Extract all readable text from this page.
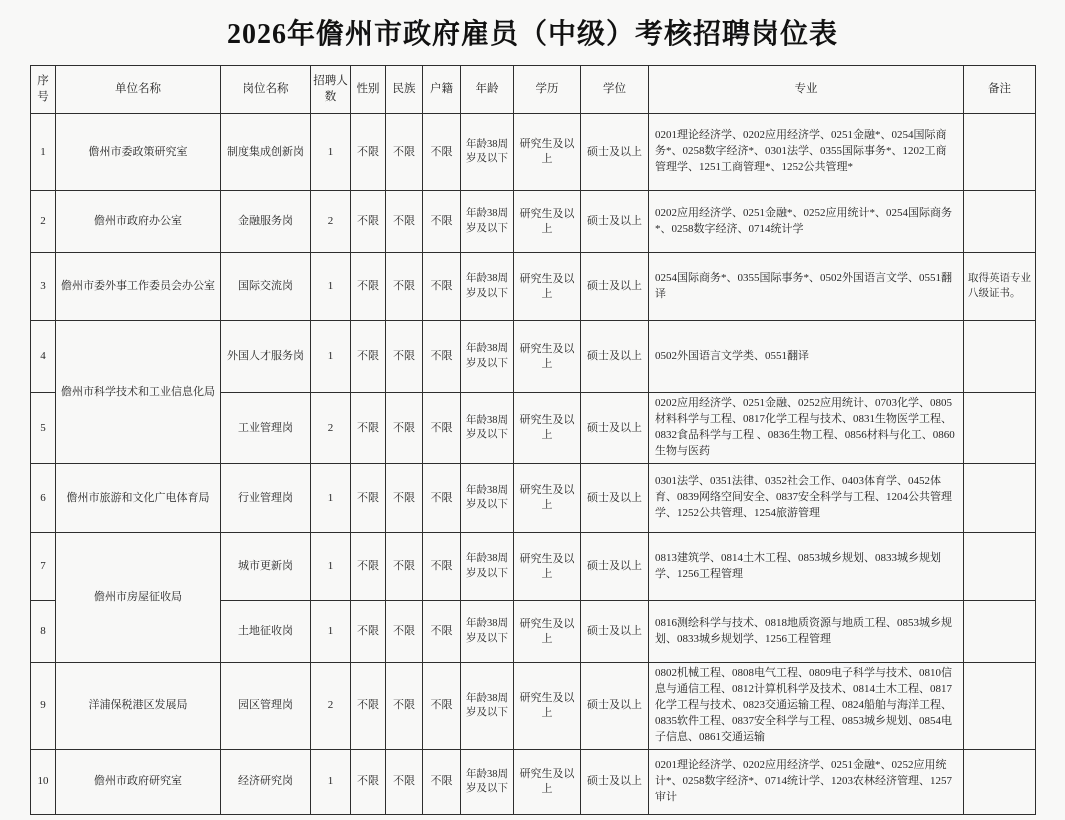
2026年儋州市政府雇员（中级）考核招聘岗位表
序号	单位名称	岗位名称	招聘人数	性别	民族	户籍	年龄	学历	学位	专业	备注
1	儋州市委政策研究室	制度集成创新岗	1	不限	不限	不限	年龄38周岁及以下	研究生及以上	硕士及以上	0201理论经济学、0202应用经济学、0251金融*、0254国际商务*、0258数字经济*、0301法学、0355国际事务*、1202工商管理学、1251工商管理*、1252公共管理*	
2	儋州市政府办公室	金融服务岗	2	不限	不限	不限	年龄38周岁及以下	研究生及以上	硕士及以上	0202应用经济学、0251金融*、0252应用统计*、0254国际商务*、0258数字经济、0714统计学	
3	儋州市委外事工作委员会办公室	国际交流岗	1	不限	不限	不限	年龄38周岁及以下	研究生及以上	硕士及以上	0254国际商务*、0355国际事务*、0502外国语言文学、0551翻译	取得英语专业八级证书。
4	儋州市科学技术和工业信息化局	外国人才服务岗	1	不限	不限	不限	年龄38周岁及以下	研究生及以上	硕士及以上	0502外国语言文学类、0551翻译	
5		工业管理岗	2	不限	不限	不限	年龄38周岁及以下	研究生及以上	硕士及以上	0202应用经济学、0251金融、0252应用统计、0703化学、0805材料科学与工程、0817化学工程与技术、0831生物医学工程、0832食品科学与工程 、0836生物工程、0856材料与化工、0860生物与医药	
6	儋州市旅游和文化广电体育局	行业管理岗	1	不限	不限	不限	年龄38周岁及以下	研究生及以上	硕士及以上	0301法学、0351法律、0352社会工作、0403体育学、0452体育、0839网络空间安全、0837安全科学与工程、1204公共管理学、1252公共管理、1254旅游管理	
7	儋州市房屋征收局	城市更新岗	1	不限	不限	不限	年龄38周岁及以下	研究生及以上	硕士及以上	0813建筑学、0814土木工程、0853城乡规划、0833城乡规划学、1256工程管理	
8		土地征收岗	1	不限	不限	不限	年龄38周岁及以下	研究生及以上	硕士及以上	0816测绘科学与技术、0818地质资源与地质工程、0853城乡规划、0833城乡规划学、1256工程管理	
9	洋浦保税港区发展局	园区管理岗	2	不限	不限	不限	年龄38周岁及以下	研究生及以上	硕士及以上	0802机械工程、0808电气工程、0809电子科学与技术、0810信息与通信工程、0812计算机科学及技术、0814土木工程、0817化学工程与技术、0823交通运输工程、0824船舶与海洋工程、0835软件工程、0837安全科学与工程、0853城乡规划、0854电子信息、0861交通运输	
10	儋州市政府研究室	经济研究岗	1	不限	不限	不限	年龄38周岁及以下	研究生及以上	硕士及以上	0201理论经济学、0202应用经济学、0251金融*、0252应用统计*、0258数字经济*、0714统计学、1203农林经济管理、1257审计	
